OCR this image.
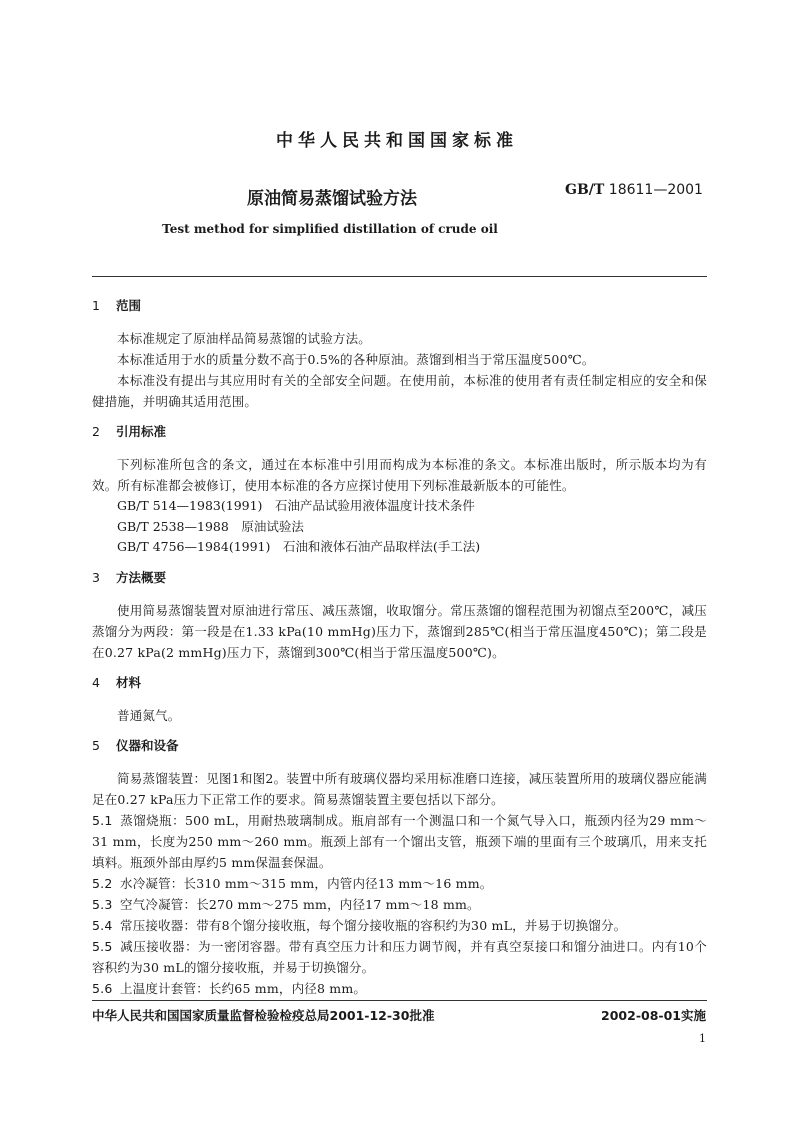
中华人民共和国国家标准
原油简易蒸馏试验方法	GB/T 18611—2001
Test method for simplified distillation of crude oil
1 范围
本标准规定了原油样品简易蒸馏的试验方法。
本标准适用于水的质量分数不高于0.5%的各种原油。蒸馏到相当于常压温度500℃。
本标准没有提出与其应用时有关的全部安全问题。在使用前，本标准的使用者有责任制定相应的安全和保健措施，并明确其适用范围。
2 引用标准
下列标准所包含的条文，通过在本标准中引用而构成为本标准的条文。本标准出版时，所示版本均为有效。所有标准都会被修订，使用本标准的各方应探讨使用下列标准最新版本的可能性。
GB/T 514—1983(1991)　石油产品试验用液体温度计技术条件
GB/T 2538—1988　原油试验法
GB/T 4756—1984(1991)　石油和液体石油产品取样法(手工法)
3 方法概要
使用简易蒸馏装置对原油进行常压、减压蒸馏，收取馏分。常压蒸馏的馏程范围为初馏点至200℃，减压蒸馏分为两段：第一段是在1.33 kPa(10 mmHg)压力下，蒸馏到285℃(相当于常压温度450℃)；第二段是在0.27 kPa(2 mmHg)压力下，蒸馏到300℃(相当于常压温度500℃)。
4 材料
普通氮气。
5 仪器和设备
简易蒸馏装置：见图1和图2。装置中所有玻璃仪器均采用标准磨口连接，减压装置所用的玻璃仪器应能满足在0.27 kPa压力下正常工作的要求。简易蒸馏装置主要包括以下部分。
5.1 蒸馏烧瓶：500 mL，用耐热玻璃制成。瓶肩部有一个测温口和一个氮气导入口，瓶颈内径为29 mm～31 mm，长度为250 mm～260 mm。瓶颈上部有一个馏出支管，瓶颈下端的里面有三个玻璃爪，用来支托填料。瓶颈外部由厚约5 mm保温套保温。
5.2 水冷凝管：长310 mm～315 mm，内管内径13 mm～16 mm。
5.3 空气冷凝管：长270 mm～275 mm，内径17 mm～18 mm。
5.4 常压接收器：带有8个馏分接收瓶，每个馏分接收瓶的容积约为30 mL，并易于切换馏分。
5.5 减压接收器：为一密闭容器。带有真空压力计和压力调节阀，并有真空泵接口和馏分油进口。内有10个容积约为30 mL的馏分接收瓶，并易于切换馏分。
5.6 上温度计套管：长约65 mm，内径8 mm。
中华人民共和国国家质量监督检验检疫总局2001-12-30批准	2002-08-01实施
1
